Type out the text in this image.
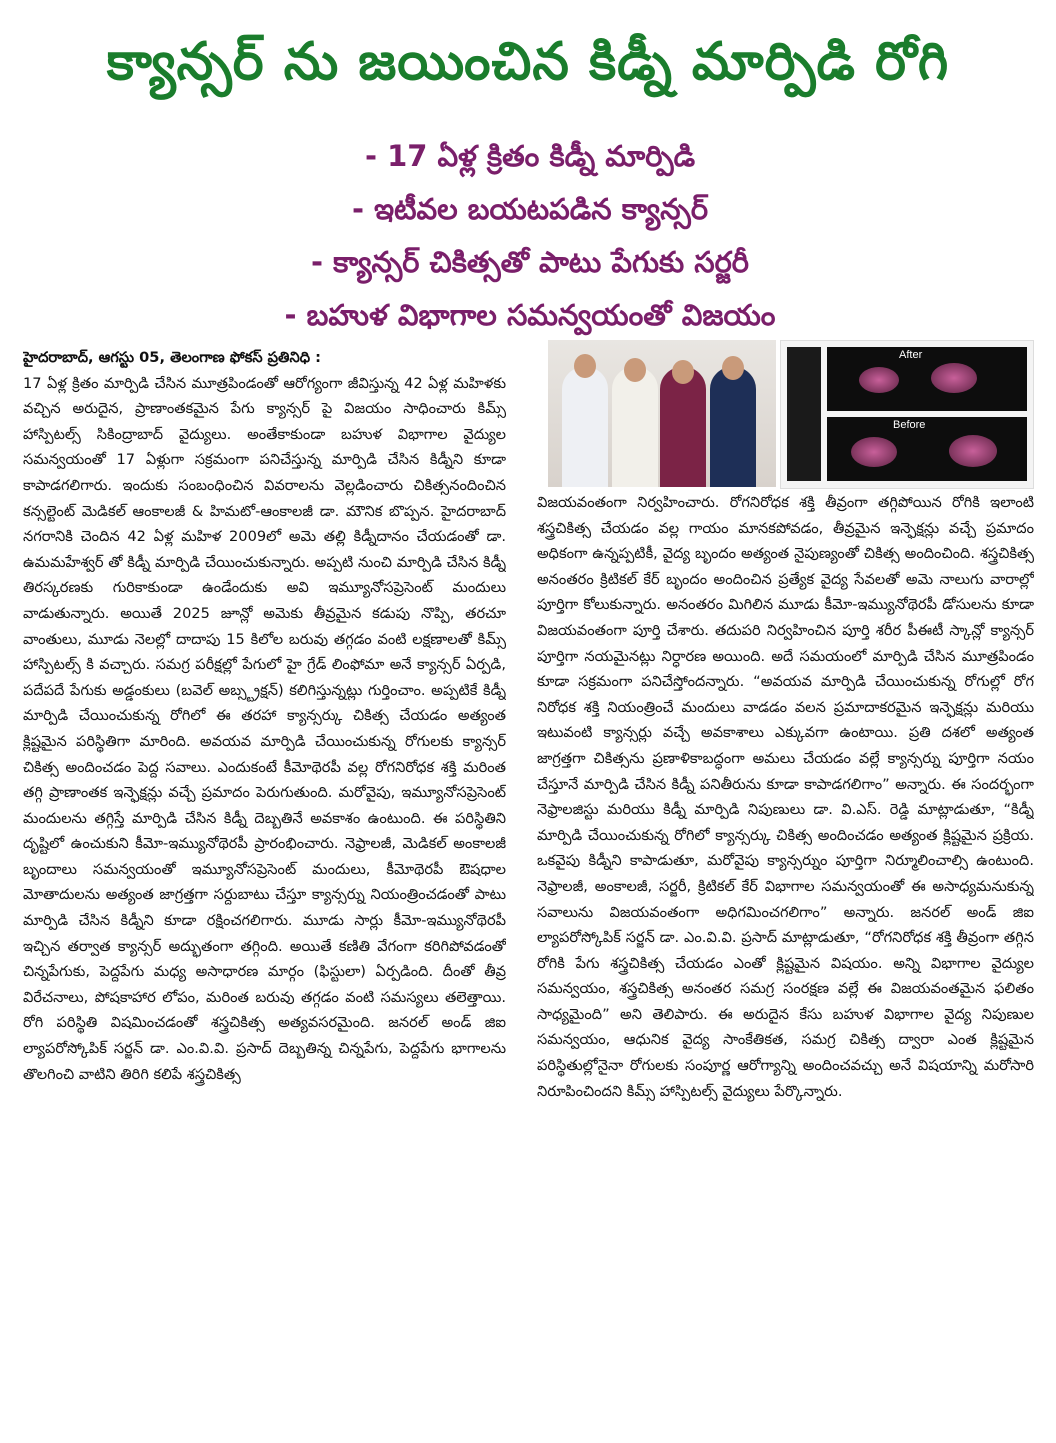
క్యాన్సర్ ను జయించిన కిడ్నీ మార్పిడి రోగి
- 17 ఏళ్ల క్రితం కిడ్నీ మార్పిడి
- ఇటీవల బయటపడిన క్యాన్సర్
- క్యాన్సర్ చికిత్సతో పాటు పేగుకు సర్జరీ
- బహుళ విభాగాల సమన్వయంతో విజయం

హైదరాబాద్, ఆగస్టు 05, తెలంగాణ ఫోకస్ ప్రతినిధి :

17 ఏళ్ల క్రితం మార్పిడి చేసిన మూత్రపిండంతో ఆరోగ్యంగా జీవిస్తున్న 42 ఏళ్ల మహిళకు వచ్చిన అరుదైన, ప్రాణాంతకమైన పేగు క్యాన్సర్ పై విజయం సాధించారు కిమ్స్ హాస్పిటల్స్ సికింద్రాబాద్ వైద్యులు. అంతేకాకుండా బహుళ విభాగాల వైద్యుల సమన్వయంతో 17 ఏళ్లుగా సక్రమంగా పనిచేస్తున్న మార్పిడి చేసిన కిడ్నీని కూడా కాపాడగలిగారు. ఇందుకు సంబంధించిన వివరాలను వెల్లడించారు చికిత్సనందించిన కన్సల్టెంట్ మెడికల్ ఆంకాలజీ & హిమటో-ఆంకాలజీ డా. మౌనిక బొప్పన. హైదరాబాద్ నగరానికి చెందిన 42 ఏళ్ల మహిళ 2009లో అమె తల్లి కిడ్నీదానం చేయడంతో డా. ఉమమహేశ్వర్ తో కిడ్నీ మార్పిడి చేయించుకున్నారు. అప్పటి నుంచి మార్పిడి చేసిన కిడ్నీ తిరస్కరణకు గురికాకుండా ఉండేందుకు అవి ఇమ్యూనోసప్రెసెంట్ మందులు వాడుతున్నారు. అయితే 2025 జూన్లో అమెకు తీవ్రమైన కడుపు నొప్పి, తరచూ వాంతులు, మూడు నెలల్లో దాదాపు 15 కిలోల బరువు తగ్గడం వంటి లక్షణాలతో కిమ్స్ హాస్పిటల్స్ కి వచ్చారు. సమగ్ర పరీక్షల్లో పేగులో హై గ్రేడ్ లింఫోమా అనే క్యాన్సర్ ఏర్పడి, పదేపదే పేగుకు అడ్డంకులు (బవెల్ అబ్స్ట్రక్షన్) కలిగిస్తున్నట్లు గుర్తించాం. అప్పటికే కిడ్నీ మార్పిడి చేయించుకున్న రోగిలో ఈ తరహా క్యాన్సర్కు చికిత్స చేయడం అత్యంత క్లిష్టమైన పరిస్థితిగా మారింది. అవయవ మార్పిడి చేయించుకున్న రోగులకు క్యాన్సర్ చికిత్స అందించడం పెద్ద సవాలు. ఎందుకంటే కీమోథెరపీ వల్ల రోగనిరోధక శక్తి మరింత తగ్గి ప్రాణాంతక ఇన్ఫెక్షన్లు వచ్చే ప్రమాదం పెరుగుతుంది. మరోవైపు, ఇమ్యూనోసప్రెసెంట్ మందులను తగ్గిస్తే మార్పిడి చేసిన కిడ్నీ దెబ్బతినే అవకాశం ఉంటుంది. ఈ పరిస్థితిని దృష్టిలో ఉంచుకుని కీమో-ఇమ్యునోథెరపీ ప్రారంభించారు. నెఫ్రాలజీ, మెడికల్ అంకాలజీ బృందాలు సమన్వయంతో ఇమ్యూనోసప్రెసెంట్ మందులు, కీమోథెరపీ ఔషధాల మోతాదులను అత్యంత జాగ్రత్తగా సర్దుబాటు చేస్తూ క్యాన్సర్ను నియంత్రించడంతో పాటు మార్పిడి చేసిన కిడ్నీని కూడా రక్షించగలిగారు. మూడు సార్లు కీమో-ఇమ్యునోథెరపీ ఇచ్చిన తర్వాత క్యాన్సర్ అద్భుతంగా తగ్గింది. అయితే కణితి వేగంగా కరిగిపోవడంతో చిన్నపేగుకు, పెద్దపేగు మధ్య అసాధారణ మార్గం (ఫిస్టులా) ఏర్పడింది. దీంతో తీవ్ర విరేచనాలు, పోషకాహార లోపం, మరింత బరువు తగ్గడం వంటి సమస్యలు తలెత్తాయి. రోగి పరిస్థితి విషమించడంతో శస్త్రచికిత్స అత్యవసరమైంది. జనరల్ అండ్ జిఐ ల్యాపరోస్కోపిక్ సర్జన్ డా. ఎం.వి.వి. ప్రసాద్ దెబ్బతిన్న చిన్నపేగు, పెద్దపేగు భాగాలను తొలగించి వాటిని తిరిగి కలిపే శస్త్రచికిత్స

After
Before

విజయవంతంగా నిర్వహించారు. రోగనిరోధక శక్తి తీవ్రంగా తగ్గిపోయిన రోగికి ఇలాంటి శస్త్రచికిత్స చేయడం వల్ల గాయం మానకపోవడం, తీవ్రమైన ఇన్ఫెక్షన్లు వచ్చే ప్రమాదం అధికంగా ఉన్నప్పటికీ, వైద్య బృందం అత్యంత నైపుణ్యంతో చికిత్స అందించింది. శస్త్రచికిత్స అనంతరం క్రిటికల్ కేర్ బృందం అందించిన ప్రత్యేక వైద్య సేవలతో అమె నాలుగు వారాల్లో పూర్తిగా కోలుకున్నారు. అనంతరం మిగిలిన మూడు కీమో-ఇమ్యునోథెరపీ డోసులను కూడా విజయవంతంగా పూర్తి చేశారు. తదుపరి నిర్వహించిన పూర్తి శరీర పీఈటీ స్కాన్లో క్యాన్సర్ పూర్తిగా నయమైనట్లు నిర్ధారణ అయింది. అదే సమయంలో మార్పిడి చేసిన మూత్రపిండం కూడా సక్రమంగా పనిచేస్తోందన్నారు. “అవయవ మార్పిడి చేయించుకున్న రోగుల్లో రోగ నిరోధక శక్తి నియంత్రించే మందులు వాడడం వలన ప్రమాదాకరమైన ఇన్ఫెక్షన్లు మరియు ఇటువంటి క్యాన్సర్లు వచ్చే అవకాశాలు ఎక్కువగా ఉంటాయి. ప్రతి దశలో అత్యంత జాగ్రత్తగా చికిత్సను ప్రణాళికాబద్ధంగా అమలు చేయడం వల్లే క్యాన్సర్ను పూర్తిగా నయం చేస్తూనే మార్పిడి చేసిన కిడ్నీ పనితీరును కూడా కాపాడగలిగాం” అన్నారు. ఈ సందర్భంగా నెఫ్రాలజిస్టు మరియు కిడ్నీ మార్పిడి నిపుణులు డా. వి.ఎస్. రెడ్డి మాట్లాడుతూ, “కిడ్నీ మార్పిడి చేయించుకున్న రోగిలో క్యాన్సర్కు చికిత్స అందించడం అత్యంత క్లిష్టమైన ప్రక్రియ. ఒకవైపు కిడ్నీని కాపాడుతూ, మరోవైపు క్యాన్సర్నుం పూర్తిగా నిర్మూలించాల్సి ఉంటుంది. నెఫ్రాలజీ, అంకాలజీ, సర్జరీ, క్రిటికల్ కేర్ విభాగాల సమన్వయంతో ఈ అసాధ్యమనుకున్న సవాలును విజయవంతంగా అధిగమించగలిగాం” అన్నారు. జనరల్ అండ్ జిఐ ల్యాపరోస్కోపిక్ సర్జన్ డా. ఎం.వి.వి. ప్రసాద్ మాట్లాడుతూ, “రోగనిరోధక శక్తి తీవ్రంగా తగ్గిన రోగికి పేగు శస్త్రచికిత్స చేయడం ఎంతో క్లిష్టమైన విషయం. అన్ని విభాగాల వైద్యుల సమన్వయం, శస్త్రచికిత్స అనంతర సమగ్ర సంరక్షణ వల్లే ఈ విజయవంతమైన ఫలితం సాధ్యమైంది” అని తెలిపారు. ఈ అరుదైన కేసు బహుళ విభాగాల వైద్య నిపుణుల సమన్వయం, ఆధునిక వైద్య సాంకేతికత, సమగ్ర చికిత్స ద్వారా ఎంత క్లిష్టమైన పరిస్థితుల్లోనైనా రోగులకు సంపూర్ణ ఆరోగ్యాన్ని అందించవచ్చు అనే విషయాన్ని మరోసారి నిరూపించిందని కిమ్స్ హాస్పిటల్స్ వైద్యులు పేర్కొన్నారు.
